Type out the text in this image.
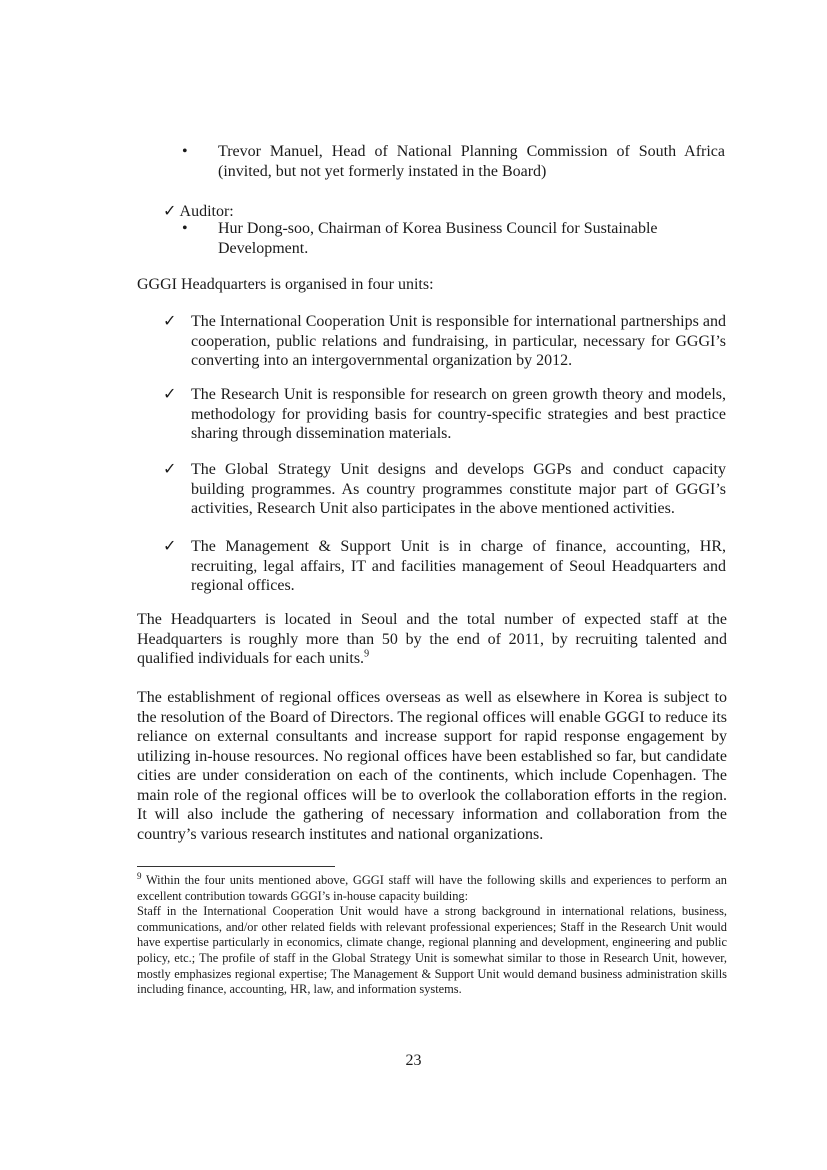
•	Trevor Manuel, Head of National Planning Commission of South Africa (invited, but not yet formerly instated in the Board)
✓ Auditor:
•	Hur Dong-soo, Chairman of Korea Business Council for Sustainable
Development.
GGGI Headquarters is organised in four units:
✓ The International Cooperation Unit is responsible for international partnerships and cooperation, public relations and fundraising, in particular, necessary for GGGI’s converting into an intergovernmental organization by 2012.
✓ The Research Unit is responsible for research on green growth theory and models, methodology for providing basis for country-specific strategies and best practice sharing through dissemination materials.
✓ The Global Strategy Unit designs and develops GGPs and conduct capacity building programmes. As country programmes constitute major part of GGGI’s activities, Research Unit also participates in the above mentioned activities.
✓ The Management & Support Unit is in charge of finance, accounting, HR, recruiting, legal affairs, IT and facilities management of Seoul Headquarters and regional offices.
The Headquarters is located in Seoul and the total number of expected staff at the Headquarters is roughly more than 50 by the end of 2011, by recruiting talented and qualified individuals for each units.$^9$
The establishment of regional offices overseas as well as elsewhere in Korea is subject to the resolution of the Board of Directors. The regional offices will enable GGGI to reduce its reliance on external consultants and increase support for rapid response engagement by utilizing in-house resources. No regional offices have been established so far, but candidate cities are under consideration on each of the continents, which include Copenhagen. The main role of the regional offices will be to overlook the collaboration efforts in the region. It will also include the gathering of necessary information and collaboration from the country’s various research institutes and national organizations.
$^9$ Within the four units mentioned above, GGGI staff will have the following skills and experiences to perform an excellent contribution towards GGGI’s in-house capacity building:
Staff in the International Cooperation Unit would have a strong background in international relations, business, communications, and/or other related fields with relevant professional experiences; Staff in the Research Unit would have expertise particularly in economics, climate change, regional planning and development, engineering and public policy, etc.; The profile of staff in the Global Strategy Unit is somewhat similar to those in Research Unit, however, mostly emphasizes regional expertise; The Management & Support Unit would demand business administration skills including finance, accounting, HR, law, and information systems.
23
